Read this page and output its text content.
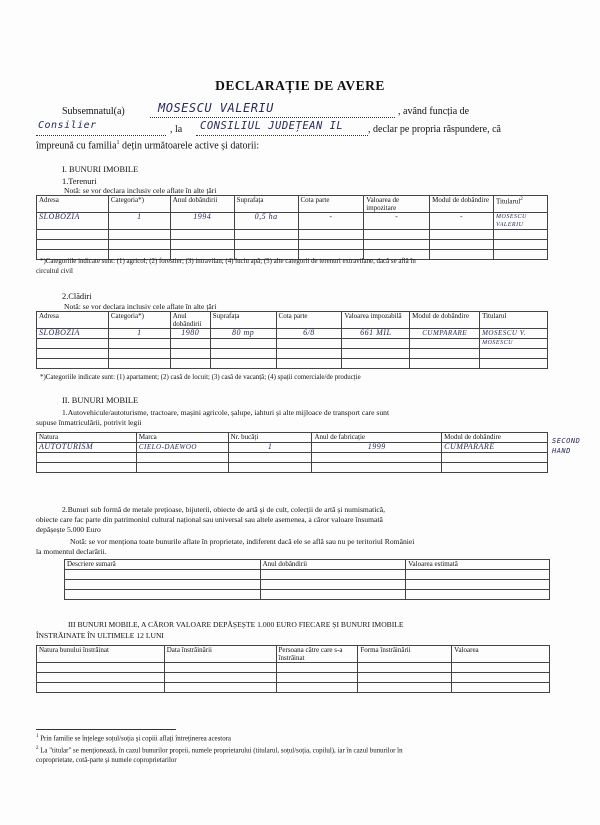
DECLARAȚIE DE AVERE
Subsemnatul(a)	MOSESCU VALERIU	, având funcția de
Consilier	, la CONSILIUL JUDEȚEAN IL , declar pe propria răspundere, că
împreună cu familia$^1$ dețin următoarele active și datorii:
I. BUNURI IMOBILE
1.Terenuri
Notă: se vor declara inclusiv cele aflate în alte țări
Adresa	Categoria*)	Anul dobândirii	Suprafața	Cota parte	Valoarea de impozitare	Modul de dobândire	Titularul$^2$
SLOBOZIA	1	1994	0,5 ha	-	-	-	MOSESCU VALERIU

*)Categoriile indicate sunt: (1) agricol; (2) forestier; (3) intravilan; (4) luciu apă; (5) alte categorii de terenuri extravilane, dacă se află în
circuitul civil
2.Clădiri
Notă: se vor declara inclusiv cele aflate în alte țări
Adresa	Categoria*)	Anul dobândirii	Suprafața	Cota parte	Valoarea impozabilă	Modul de dobândire	Titularul
SLOBOZIA	1	1980	80 mp	6/8	661 MIL	CUMPARARE	MOSESCU V.
							MOSESCU

*)Categoriile indicate sunt: (1) apartament; (2) casă de locuit; (3) casă de vacanță; (4) spații comerciale/de producție
II. BUNURI MOBILE
1.Autovehicule/autoturisme, tractoare, mașini agricole, șalupe, iahturi și alte mijloace de transport care sunt
supuse înmatriculării, potrivit legii
Natura	Marca	Nr. bucăți	Anul de fabricație	Modul de dobândire
AUTOTURISM	CIELO-DAEWOO	1	1999	CUMPARARE

SECOND HAND
2.Bunuri sub formă de metale prețioase, bijuterii, obiecte de artă și de cult, colecții de artă și numismatică,
obiecte care fac parte din patrimoniul cultural național sau universal sau altele asemenea, a căror valoare însumată
depășește 5.000 Euro
Notă: se vor menționa toate bunurile aflate în proprietate, indiferent dacă ele se află sau nu pe teritoriul României
la momentul declarării.
Descriere sumară	Anul dobândirii	Valoarea estimată

III BUNURI MOBILE, A CĂROR VALOARE DEPĂȘEȘTE 1.000 EURO FIECARE ȘI BUNURI IMOBILE
ÎNSTRĂINATE ÎN ULTIMELE 12 LUNI
Natura bunului înstrăinat	Data înstrăinării	Persoana către care s-a înstrăinat	Forma înstrăinării	Valoarea

$^1$ Prin familie se înțelege soțul/soția și copiii aflați întreținerea acestora
$^2$ La "titular" se menționează, în cazul bunurilor proprii, numele proprietarului (titularul, soțul/soția, copilul), iar în cazul bunurilor în
coproprietate, cotă-parte și numele coproprietarilor
